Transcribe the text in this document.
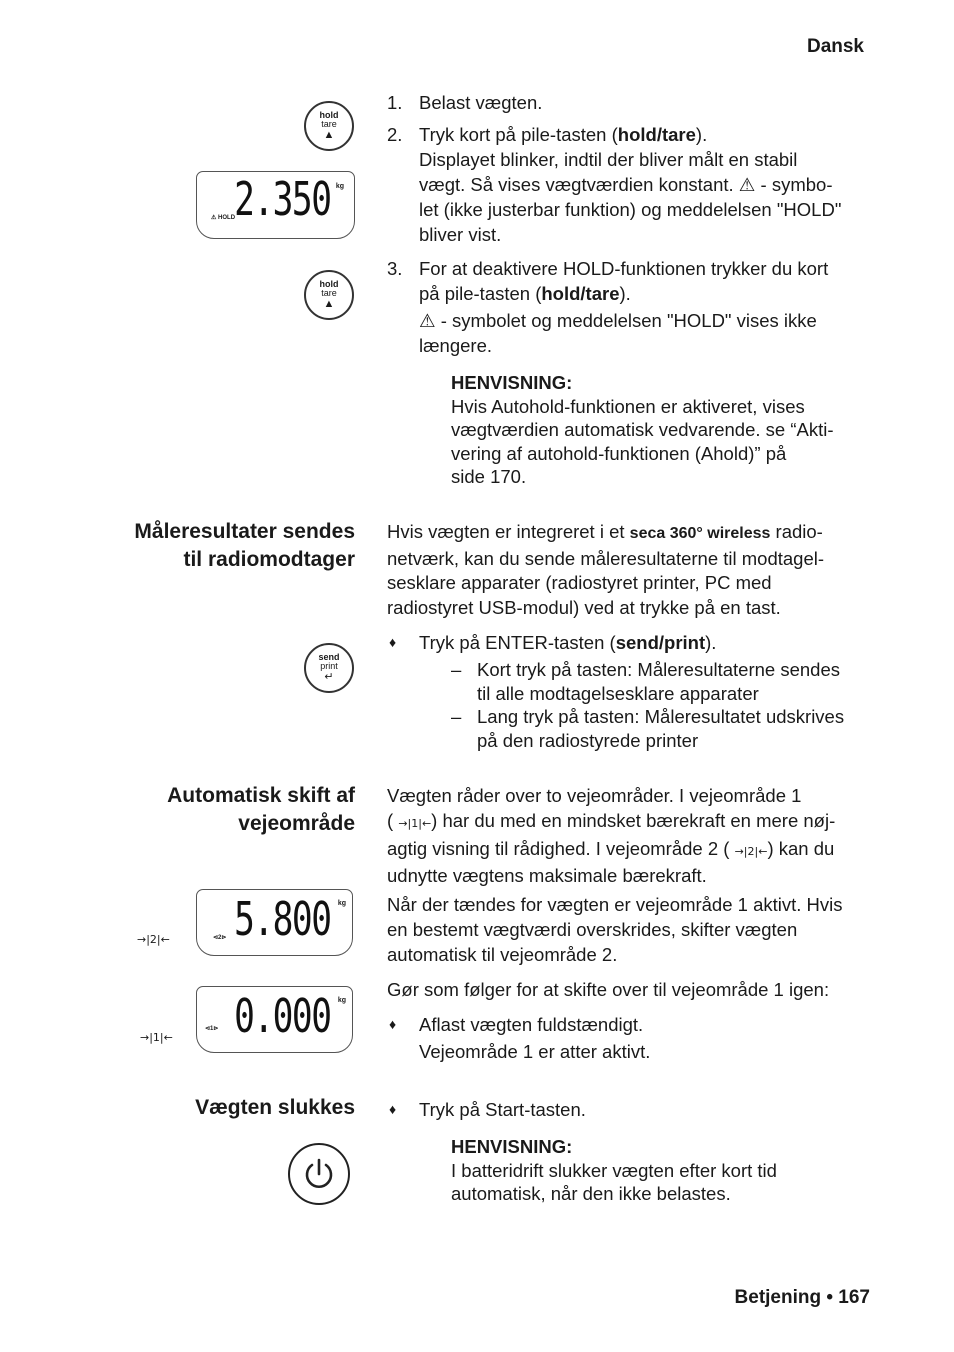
Dansk
hold
tare
▲
2.350 kg
⚠ HOLD
hold
tare
▲
1. Belast vægten.
2. Tryk kort på pile-tasten (hold/tare).
Displayet blinker, indtil der bliver målt en stabil
vægt. Så vises vægtværdien konstant. ⚠ - symbo-
let (ikke justerbar funktion) og meddelelsen "HOLD"
bliver vist.
3. For at deaktivere HOLD-funktionen trykker du kort
på pile-tasten (hold/tare).
⚠ - symbolet og meddelelsen "HOLD" vises ikke
længere.
HENVISNING:
Hvis Autohold-funktionen er aktiveret, vises
vægtværdien automatisk vedvarende. se “Akti-
vering af autohold-funktionen (Ahold)” på
side 170.
Måleresultater sendes
til radiomodtager
Hvis vægten er integreret i et seca 360° wireless radio-
netværk, kan du sende måleresultaterne til modtagel-
sesklare apparater (radiostyret printer, PC med
radiostyret USB-modul) ved at trykke på en tast.
send
print
↵
♦ Tryk på ENTER-tasten (send/print).
– Kort tryk på tasten: Måleresultaterne sendes
til alle modtagelsesklare apparater
– Lang tryk på tasten: Måleresultatet udskrives
på den radiostyrede printer
Automatisk skift af
vejeområde
Vægten råder over to vejeområder. I vejeområde 1
( →|1|←) har du med en mindsket bærekraft en mere nøj-
agtig visning til rådighed. I vejeområde 2 ( →|2|←) kan du
udnytte vægtens maksimale bærekraft.
Når der tændes for vægten er vejeområde 1 aktivt. Hvis
en bestemt vægtværdi overskrides, skifter vægten
automatisk til vejeområde 2.
Gør som følger for at skifte over til vejeområde 1 igen:
♦ Aflast vægten fuldstændigt.
Vejeområde 1 er atter aktivt.
→|2|← 5.800 kg
⊲2⊳
→|1|← 0.000 kg
⊲1⊳
Vægten slukkes ♦ Tryk på Start-tasten.
HENVISNING:
I batteridrift slukker vægten efter kort tid
automatisk, når den ikke belastes.
Betjening • 167
